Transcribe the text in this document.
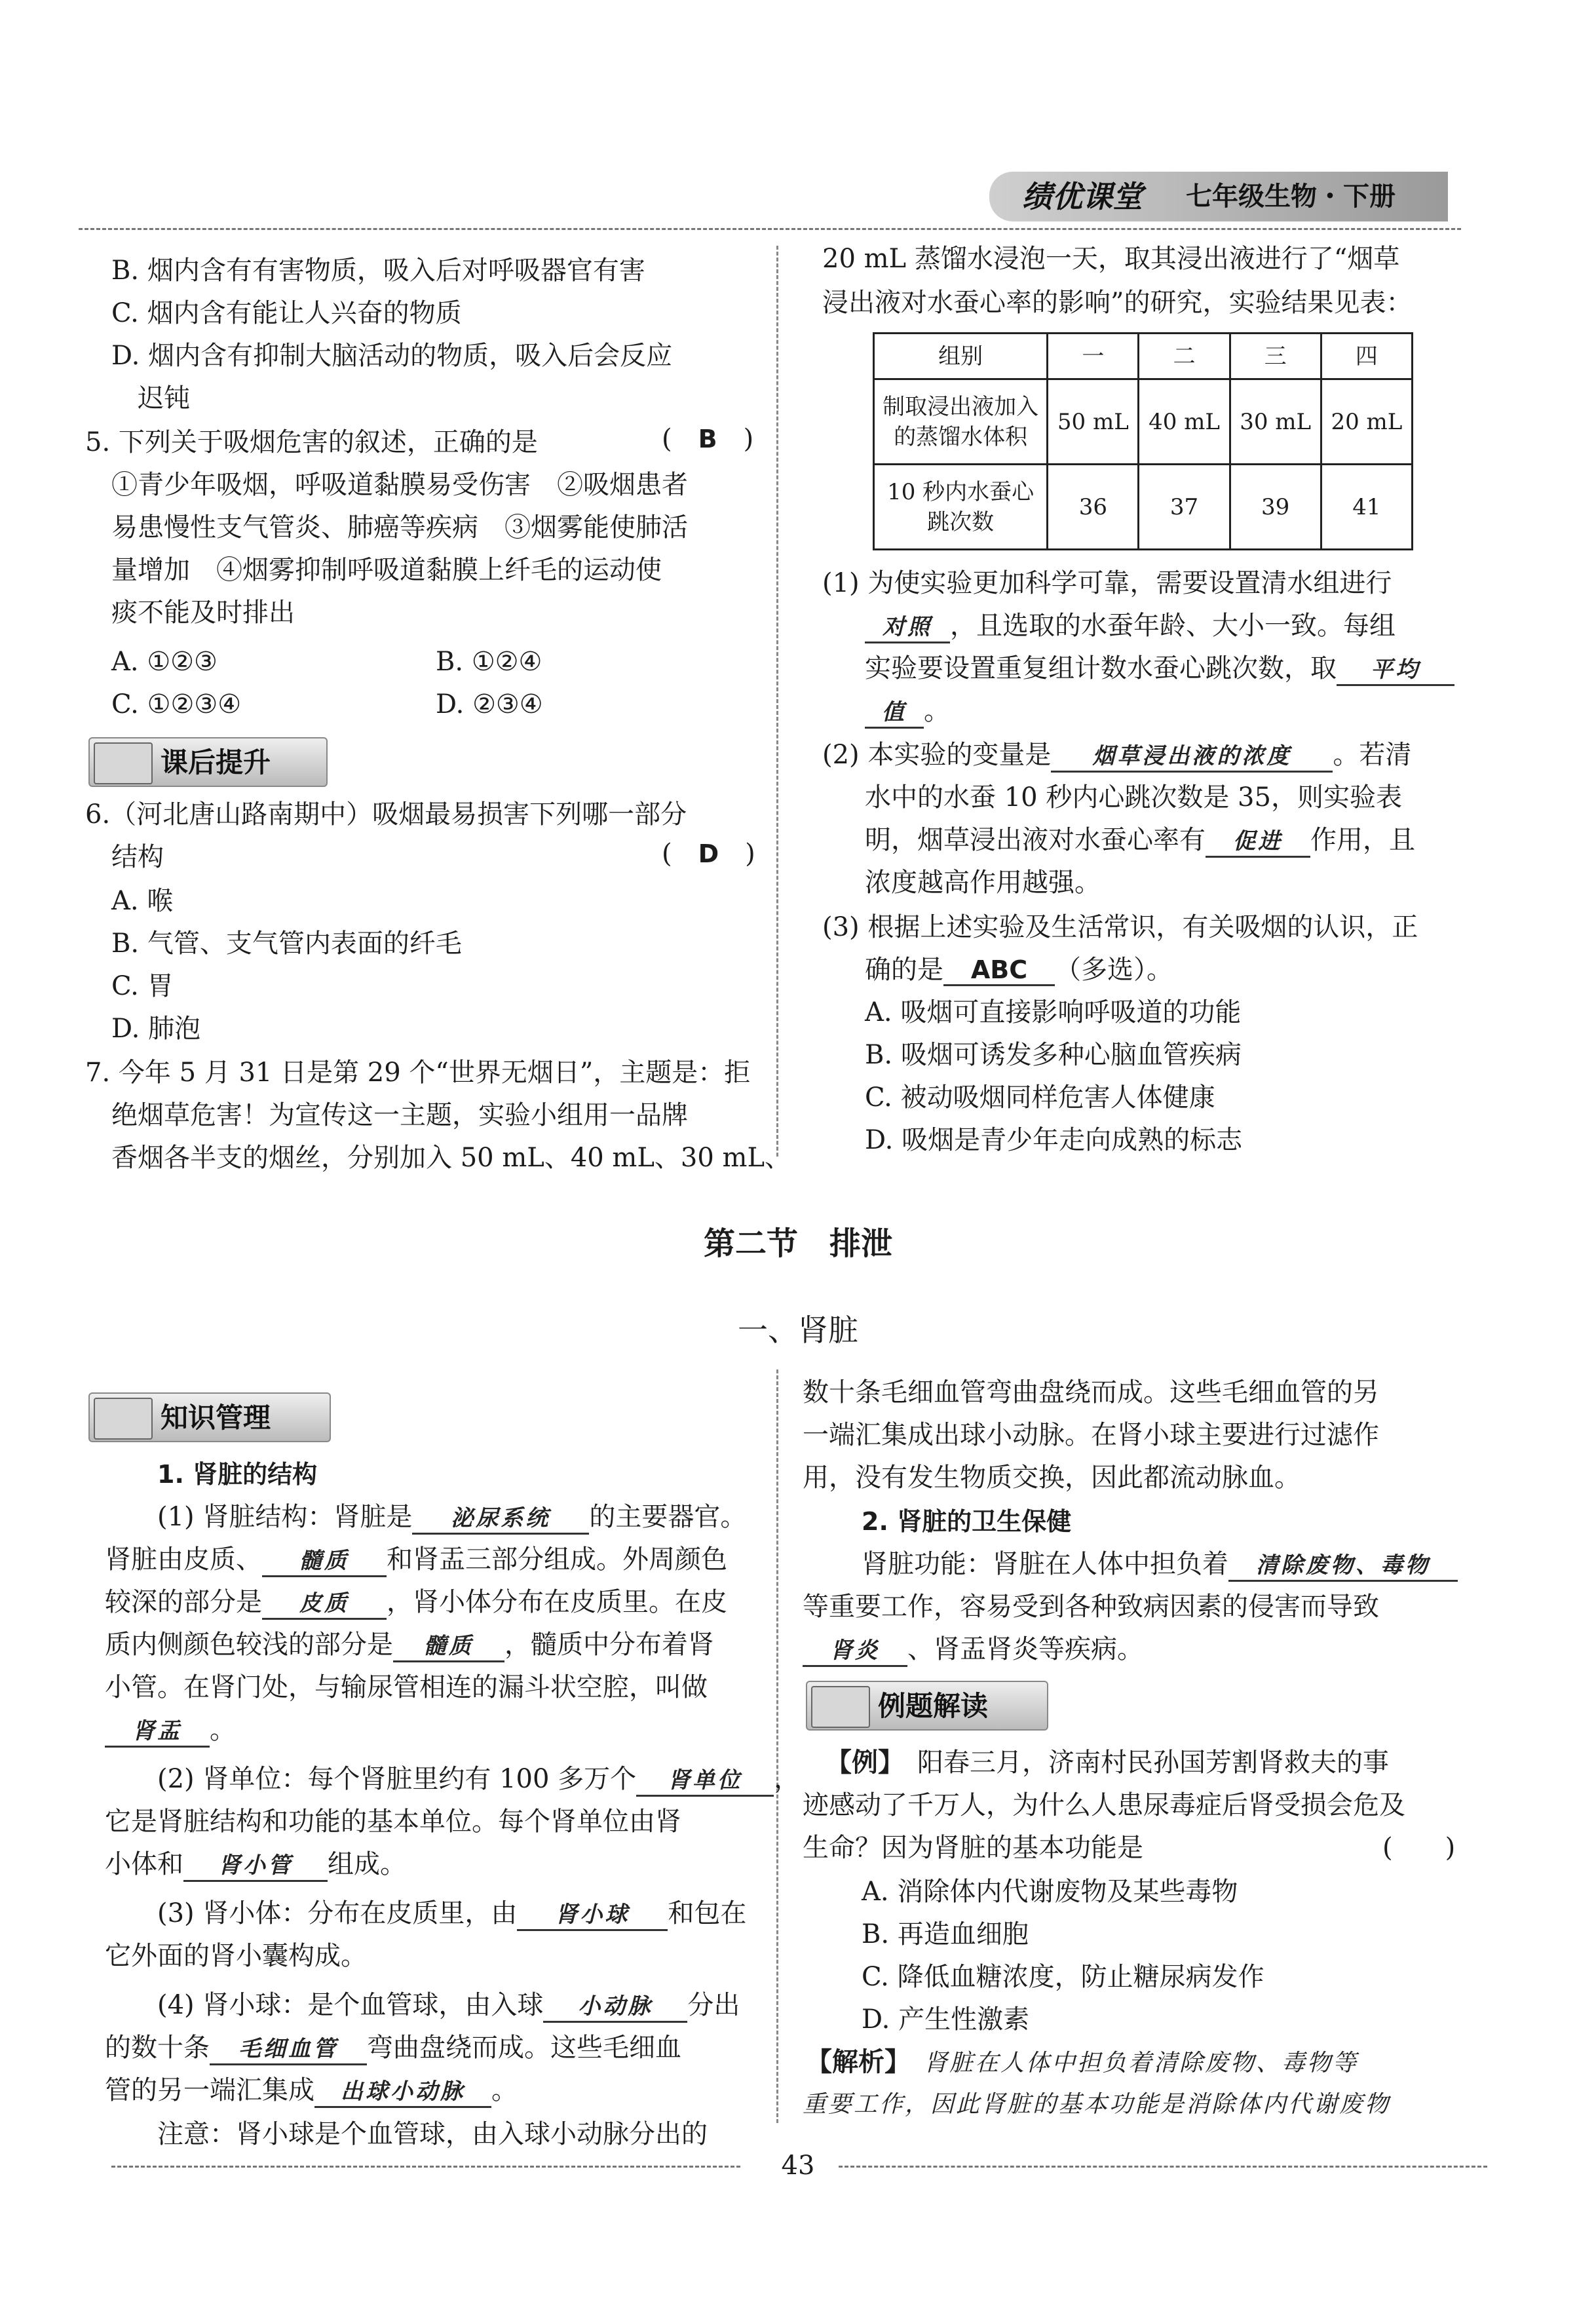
绩优课堂 七年级生物・下册
B. 烟内含有有害物质，吸入后对呼吸器官有害
C. 烟内含有能让人兴奋的物质
D. 烟内含有抑制大脑活动的物质，吸入后会反应
迟钝
5. 下列关于吸烟危害的叙述，正确的是	(　B　)
①青少年吸烟，呼吸道黏膜易受伤害　②吸烟患者
易患慢性支气管炎、肺癌等疾病　③烟雾能使肺活
量增加　④烟雾抑制呼吸道黏膜上纤毛的运动使
痰不能及时排出
A. ①②③	B. ①②④
C. ①②③④	D. ②③④
课后提升
6.（河北唐山路南期中）吸烟最易损害下列哪一部分
结构	(　D　)
A. 喉
B. 气管、支气管内表面的纤毛
C. 胃
D. 肺泡
7. 今年 5 月 31 日是第 29 个“世界无烟日”，主题是：拒
绝烟草危害！为宣传这一主题，实验小组用一品牌
香烟各半支的烟丝，分别加入 50 mL、40 mL、30 mL、
20 mL 蒸馏水浸泡一天，取其浸出液进行了“烟草
浸出液对水蚕心率的影响”的研究，实验结果见表：
组别	一	二	三	四

制取浸出液加入
的蒸馏水体积	50 mL	40 mL	30 mL	20 mL

10 秒内水蚕心
跳次数	36	37	39	41
(1) 为使实验更加科学可靠，需要设置清水组进行
对照 ，且选取的水蚕年龄、大小一致。每组
实验要设置重复组计数水蚕心跳次数，取 平均
值 。
(2) 本实验的变量是 烟草浸出液的浓度 。若清
水中的水蚕 10 秒内心跳次数是 35，则实验表
明，烟草浸出液对水蚕心率有 促进 作用，且
浓度越高作用越强。
(3) 根据上述实验及生活常识，有关吸烟的认识，正
确的是 ABC （多选）。
A. 吸烟可直接影响呼吸道的功能
B. 吸烟可诱发多种心脑血管疾病
C. 被动吸烟同样危害人体健康
D. 吸烟是青少年走向成熟的标志
第二节　排泄
一、肾脏
知识管理
1. 肾脏的结构
(1) 肾脏结构：肾脏是 泌尿系统 的主要器官。
肾脏由皮质、 髓质 和肾盂三部分组成。外周颜色
较深的部分是 皮质 ，肾小体分布在皮质里。在皮
质内侧颜色较浅的部分是 髓质 ，髓质中分布着肾
小管。在肾门处，与输尿管相连的漏斗状空腔，叫做
肾盂 。
(2) 肾单位：每个肾脏里约有 100 多万个 肾单位 ，
它是肾脏结构和功能的基本单位。每个肾单位由肾
小体和 肾小管 组成。
(3) 肾小体：分布在皮质里，由 肾小球 和包在
它外面的肾小囊构成。
(4) 肾小球：是个血管球，由入球 小动脉 分出
的数十条 毛细血管 弯曲盘绕而成。这些毛细血
管的另一端汇集成 出球小动脉 。
注意：肾小球是个血管球，由入球小动脉分出的
数十条毛细血管弯曲盘绕而成。这些毛细血管的另
一端汇集成出球小动脉。在肾小球主要进行过滤作
用，没有发生物质交换，因此都流动脉血。
2. 肾脏的卫生保健
肾脏功能：肾脏在人体中担负着 清除废物、毒物
等重要工作，容易受到各种致病因素的侵害而导致
肾炎 、肾盂肾炎等疾病。
例题解读
【例】　 阳春三月，济南村民孙国芳割肾救夫的事
迹感动了千万人，为什么人患尿毒症后肾受损会危及
生命？因为肾脏的基本功能是	(　　)
A. 消除体内代谢废物及某些毒物
B. 再造血细胞
C. 降低血糖浓度，防止糖尿病发作
D. 产生性激素
【解析】　 肾脏在人体中担负着清除废物、毒物等
重要工作，因此肾脏的基本功能是消除体内代谢废物
43
